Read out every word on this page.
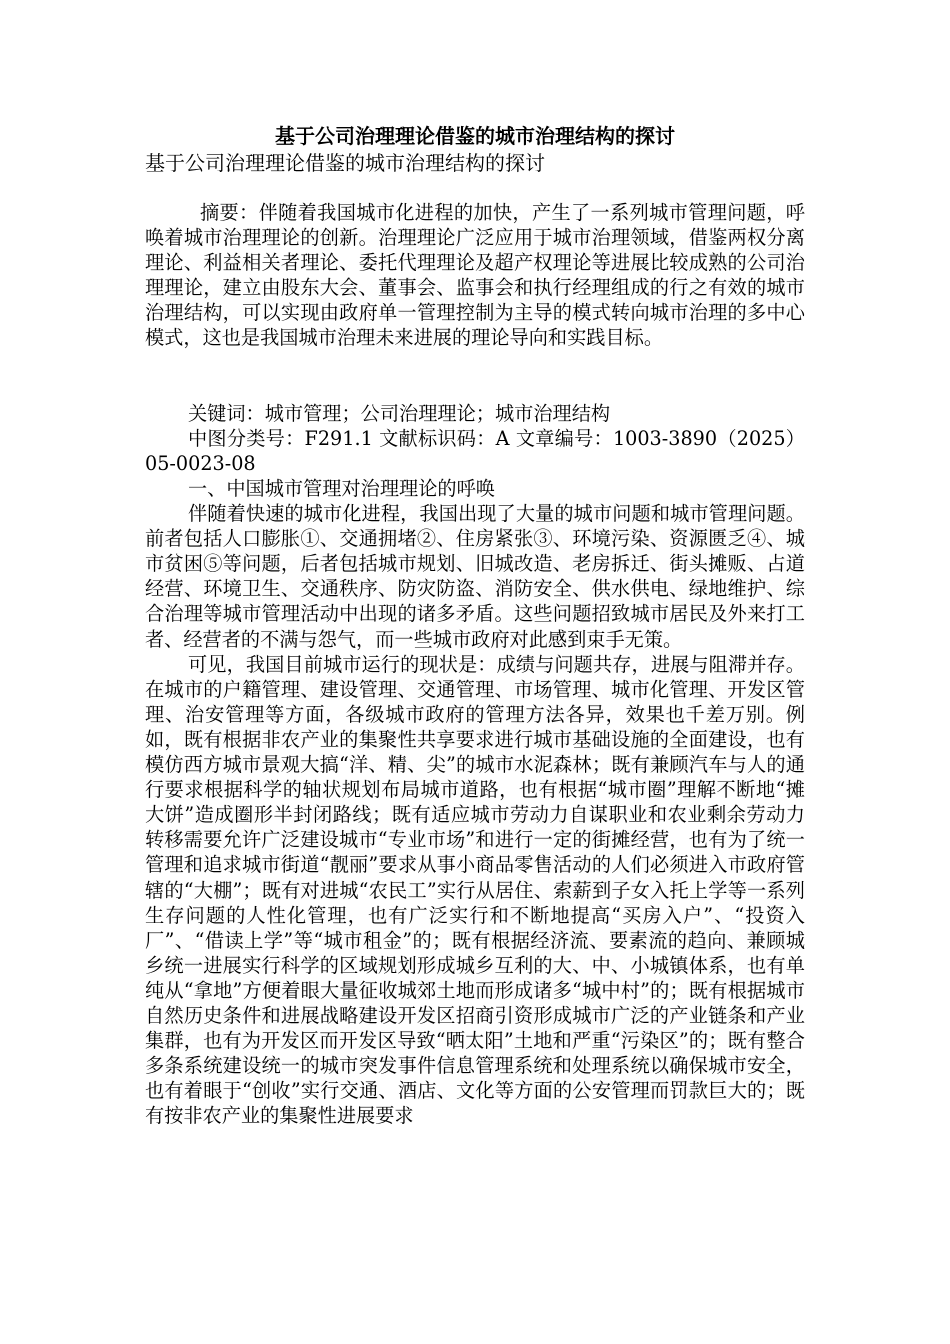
基于公司治理理论借鉴的城市治理结构的探讨
基于公司治理理论借鉴的城市治理结构的探讨

摘要：伴随着我国城市化进程的加快，产生了一系列城市管理问题，呼唤着城市治理理论的创新。治理理论广泛应用于城市治理领域，借鉴两权分离理论、利益相关者理论、委托代理理论及超产权理论等进展比较成熟的公司治理理论，建立由股东大会、董事会、监事会和执行经理组成的行之有效的城市治理结构，可以实现由政府单一管理控制为主导的模式转向城市治理的多中心模式，这也是我国城市治理未来进展的理论导向和实践目标。

关键词：城市管理；公司治理理论；城市治理结构

中图分类号：F291.1 文献标识码：A 文章编号：1003-3890（2025）05-0023-08

一、中国城市管理对治理理论的呼唤

伴随着快速的城市化进程，我国出现了大量的城市问题和城市管理问题。前者包括人口膨胀①、交通拥堵②、住房紧张③、环境污染、资源匮乏④、城市贫困⑤等问题，后者包括城市规划、旧城改造、老房拆迁、街头摊贩、占道经营、环境卫生、交通秩序、防灾防盗、消防安全、供水供电、绿地维护、综合治理等城市管理活动中出现的诸多矛盾。这些问题招致城市居民及外来打工者、经营者的不满与怨气，而一些城市政府对此感到束手无策。

可见，我国目前城市运行的现状是：成绩与问题共存，进展与阻滞并存。在城市的户籍管理、建设管理、交通管理、市场管理、城市化管理、开发区管理、治安管理等方面，各级城市政府的管理方法各异，效果也千差万别。例如，既有根据非农产业的集聚性共享要求进行城市基础设施的全面建设，也有模仿西方城市景观大搞“洋、精、尖”的城市水泥森林；既有兼顾汽车与人的通行要求根据科学的轴状规划布局城市道路，也有根据“城市圈”理解不断地“摊大饼”造成圈形半封闭路线；既有适应城市劳动力自谋职业和农业剩余劳动力转移需要允许广泛建设城市“专业市场”和进行一定的街摊经营，也有为了统一管理和追求城市街道“靓丽”要求从事小商品零售活动的人们必须进入市政府管辖的“大棚”；既有对进城“农民工”实行从居住、索薪到子女入托上学等一系列生存问题的人性化管理，也有广泛实行和不断地提高“买房入户”、“投资入厂”、“借读上学”等“城市租金”的；既有根据经济流、要素流的趋向、兼顾城乡统一进展实行科学的区域规划形成城乡互利的大、中、小城镇体系，也有单纯从“拿地”方便着眼大量征收城郊土地而形成诸多“城中村”的；既有根据城市自然历史条件和进展战略建设开发区招商引资形成城市广泛的产业链条和产业集群，也有为开发区而开发区导致“晒太阳”土地和严重“污染区”的；既有整合多条系统建设统一的城市突发事件信息管理系统和处理系统以确保城市安全，也有着眼于“创收”实行交通、酒店、文化等方面的公安管理而罚款巨大的；既有按非农产业的集聚性进展要求
